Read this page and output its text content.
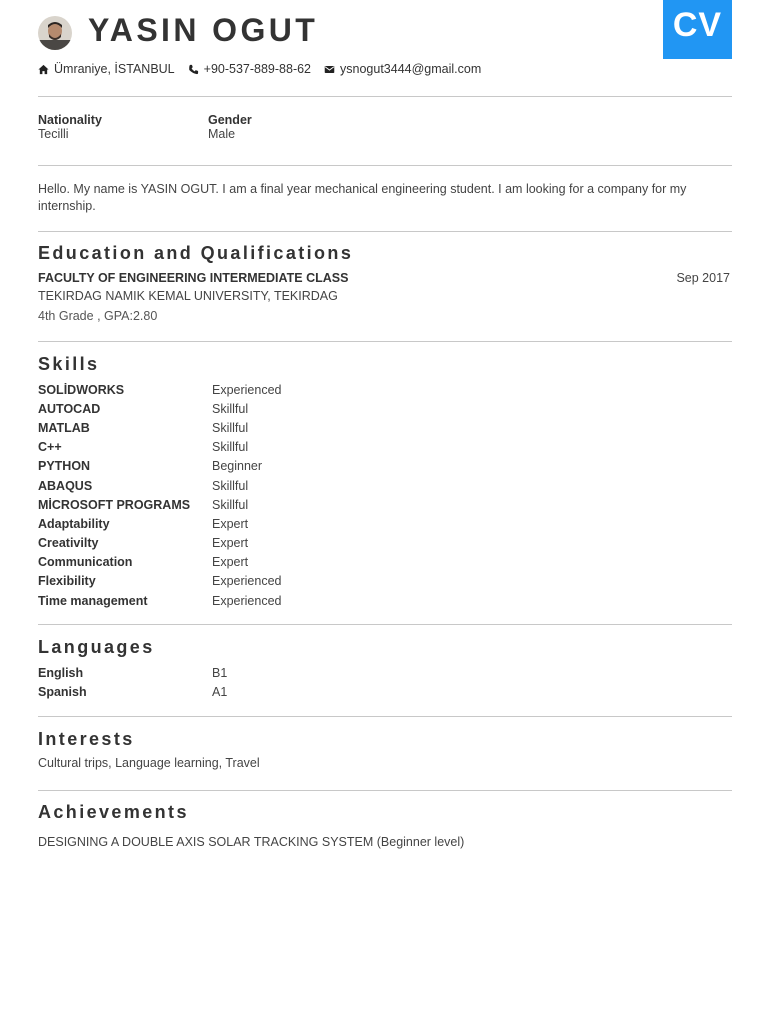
CV
YASIN OGUT
Ümraniye, İSTANBUL +90-537-889-88-62 ysnogut3444@gmail.com
Nationality
Tecilli
Gender
Male
Hello. My name is YASIN OGUT. I am a final year mechanical engineering student. I am looking for a company for my internship.
Education and Qualifications
FACULTY OF ENGINEERING INTERMEDIATE CLASS	Sep 2017
TEKIRDAG NAMIK KEMAL UNIVERSITY, TEKIRDAG
4th Grade , GPA:2.80
Skills
SOLİDWORKS	Experienced
AUTOCAD	Skillful
MATLAB	Skillful
C++	Skillful
PYTHON	Beginner
ABAQUS	Skillful
MİCROSOFT PROGRAMS	Skillful
Adaptability	Expert
Creativilty	Expert
Communication	Expert
Flexibility	Experienced
Time management	Experienced
Languages
English	B1
Spanish	A1
Interests
Cultural trips, Language learning, Travel
Achievements
DESIGNING A DOUBLE AXIS SOLAR TRACKING SYSTEM (Beginner level)
